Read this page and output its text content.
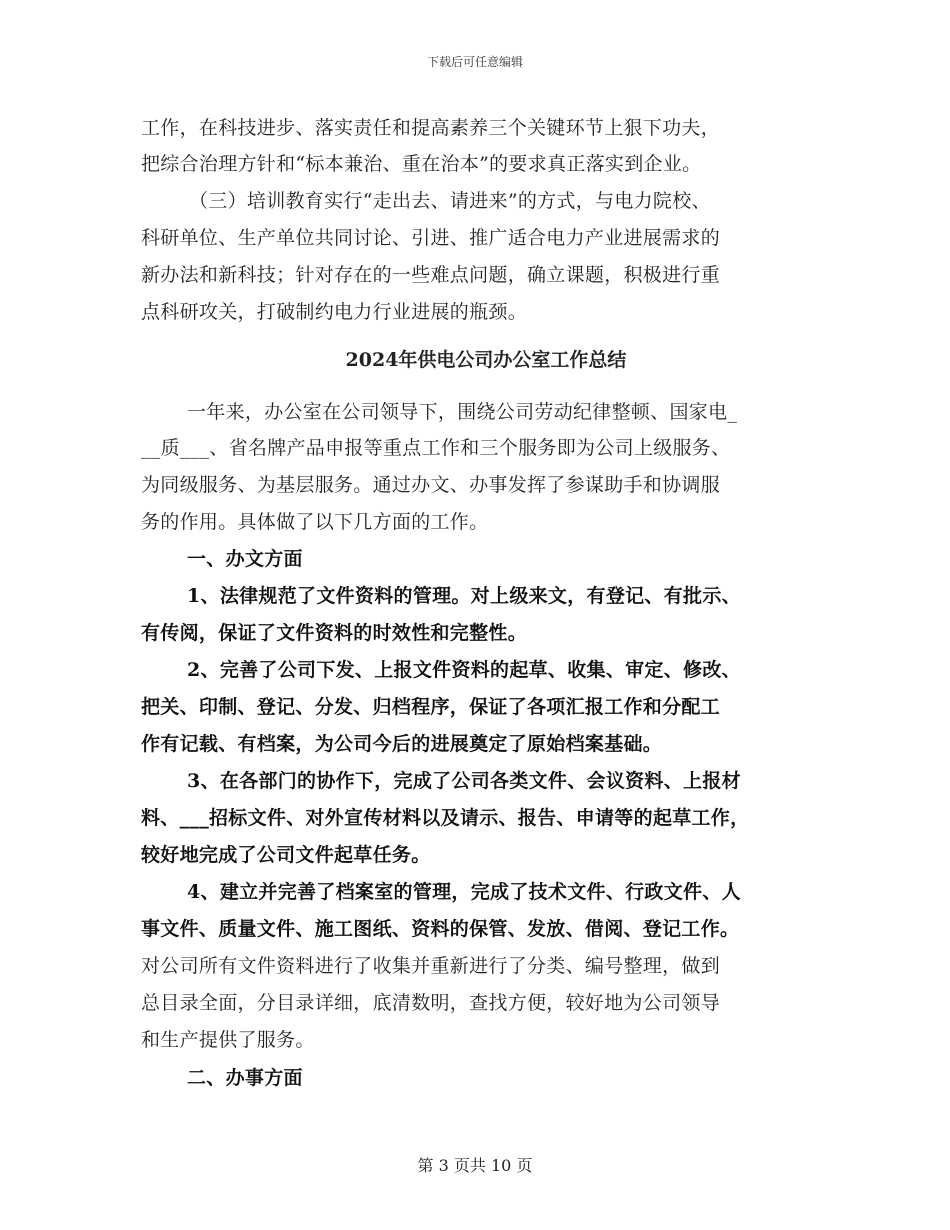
下载后可任意编辑
工作，在科技进步、落实责任和提高素养三个关键环节上狠下功夫，
把综合治理方针和“标本兼治、重在治本”的要求真正落实到企业。
（三）培训教育实行“走出去、请进来”的方式，与电力院校、
科研单位、生产单位共同讨论、引进、推广适合电力产业进展需求的
新办法和新科技；针对存在的一些难点问题，确立课题，积极进行重
点科研攻关，打破制约电力行业进展的瓶颈。
2024年供电公司办公室工作总结
一年来，办公室在公司领导下，围绕公司劳动纪律整顿、国家电_
__质___、省名牌产品申报等重点工作和三个服务即为公司上级服务、
为同级服务、为基层服务。通过办文、办事发挥了参谋助手和协调服
务的作用。具体做了以下几方面的工作。
一、办文方面
1、法律规范了文件资料的管理。对上级来文，有登记、有批示、
有传阅，保证了文件资料的时效性和完整性。
2、完善了公司下发、上报文件资料的起草、收集、审定、修改、
把关、印制、登记、分发、归档程序，保证了各项汇报工作和分配工
作有记载、有档案，为公司今后的进展奠定了原始档案基础。
3、在各部门的协作下，完成了公司各类文件、会议资料、上报材
料、___招标文件、对外宣传材料以及请示、报告、申请等的起草工作，
较好地完成了公司文件起草任务。
4、建立并完善了档案室的管理，完成了技术文件、行政文件、人
事文件、质量文件、施工图纸、资料的保管、发放、借阅、登记工作。
对公司所有文件资料进行了收集并重新进行了分类、编号整理，做到
总目录全面，分目录详细，底清数明，查找方便，较好地为公司领导
和生产提供了服务。
二、办事方面
第 3 页共 10 页
